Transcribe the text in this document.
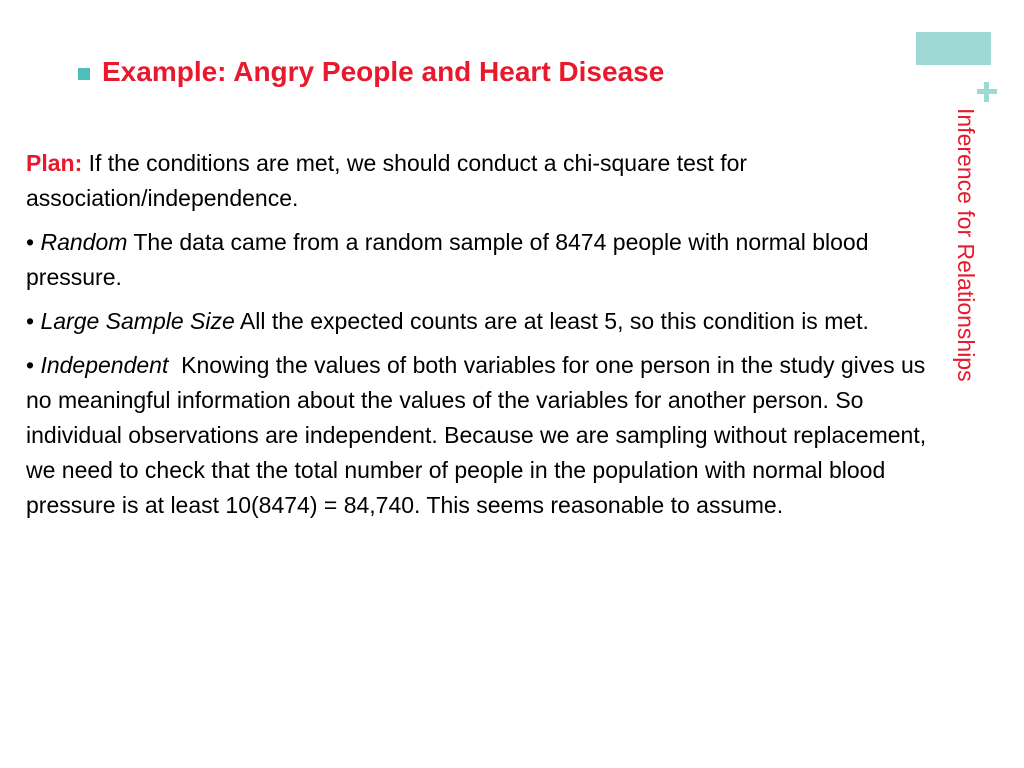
Inference for Relationships
Example: Angry People and Heart Disease

Plan: If the conditions are met, we should conduct a chi-square test for association/independence.

• Random The data came from a random sample of 8474 people with normal blood pressure.

• Large Sample Size All the expected counts are at least 5, so this condition is met.

• Independent  Knowing the values of both variables for one person in the study gives us no meaningful information about the values of the variables for another person. So individual observations are independent. Because we are sampling without replacement, we need to check that the total number of people in the population with normal blood pressure is at least 10(8474) = 84,740. This seems reasonable to assume.
